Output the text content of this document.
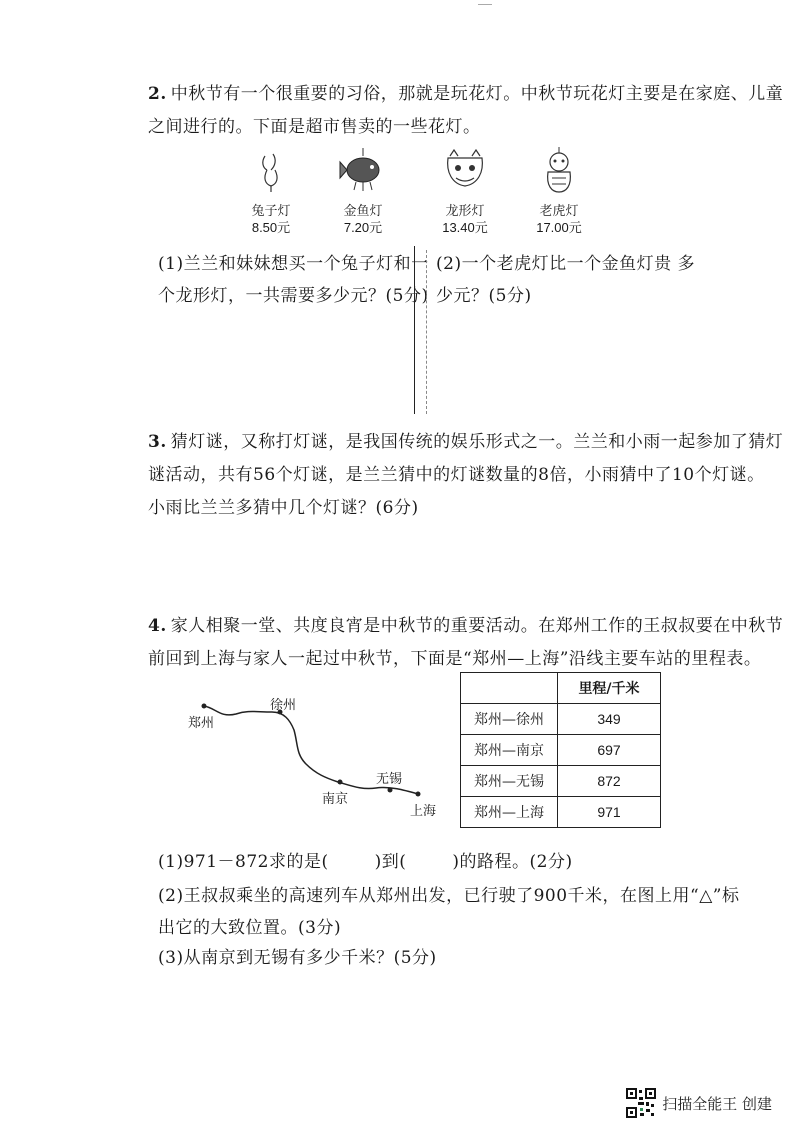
2. 中秋节有一个很重要的习俗，那就是玩花灯。中秋节玩花灯主要是在家庭、儿童
之间进行的。下面是超市售卖的一些花灯。
兔子灯
8.50元
金鱼灯
7.20元
龙形灯
13.40元
老虎灯
17.00元
(1)兰兰和妹妹想买一个兔子灯和一
个龙形灯，一共需要多少元？(5分)
(2)一个老虎灯比一个金鱼灯贵 多
少元？(5分)
3. 猜灯谜，又称打灯谜，是我国传统的娱乐形式之一。兰兰和小雨一起参加了猜灯
谜活动，共有56个灯谜，是兰兰猜中的灯谜数量的8倍，小雨猜中了10个灯谜。
小雨比兰兰多猜中几个灯谜？(6分)
4. 家人相聚一堂、共度良宵是中秋节的重要活动。在郑州工作的王叔叔要在中秋节
前回到上海与家人一起过中秋节，下面是“郑州—上海”沿线主要车站的里程表。
郑州
徐州
南京
无锡
上海
	里程/千米
郑州—徐州	349
郑州—南京	697
郑州—无锡	872
郑州—上海	971
(1)971－872求的是(	)到(	)的路程。(2分)
(2)王叔叔乘坐的高速列车从郑州出发，已行驶了900千米，在图上用“△”标
出它的大致位置。(3分)
(3)从南京到无锡有多少千米？(5分)
扫描全能王 创建
